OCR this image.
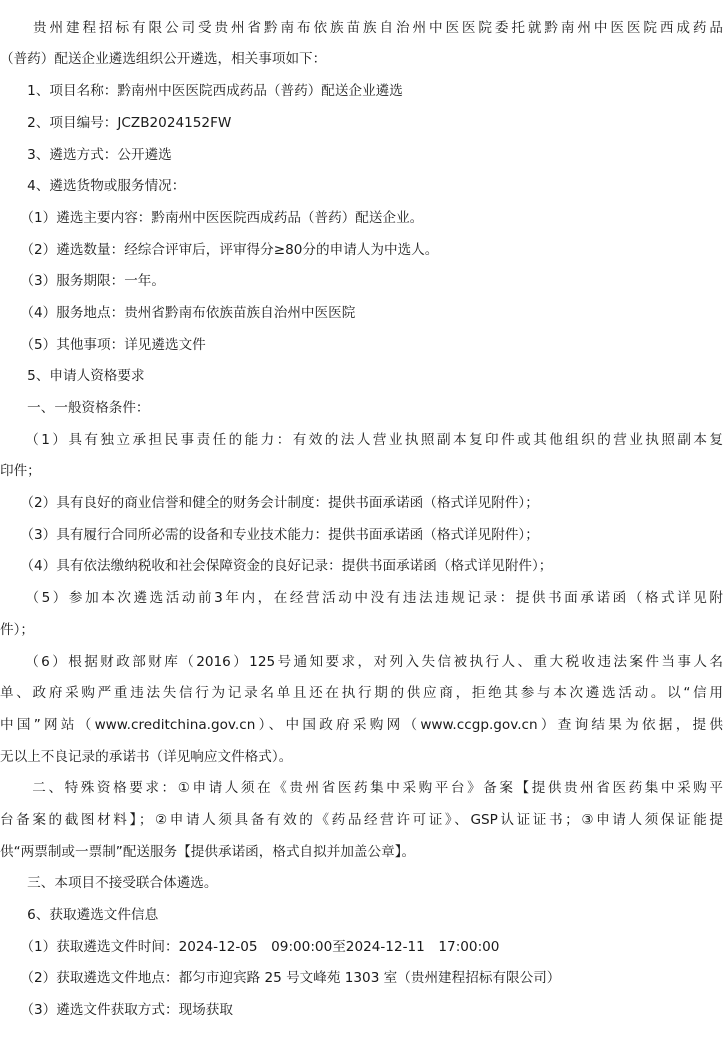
　　贵州建程招标有限公司受贵州省黔南布依族苗族自治州中医医院委托就黔南州中医医院西成药品
（普药）配送企业遴选组织公开遴选，相关事项如下：
　　1、项目名称：黔南州中医医院西成药品（普药）配送企业遴选
　　2、项目编号：JCZB2024152FW
　　3、遴选方式：公开遴选
　　4、遴选货物或服务情况：
　　（1）遴选主要内容：黔南州中医医院西成药品（普药）配送企业。
　　（2）遴选数量：经综合评审后，评审得分≥80分的申请人为中选人。
　　（3）服务期限：一年。
　　（4）服务地点：贵州省黔南布依族苗族自治州中医医院
　　（5）其他事项：详见遴选文件
　　5、申请人资格要求
　　一、一般资格条件：
　　（1）具有独立承担民事责任的能力：有效的法人营业执照副本复印件或其他组织的营业执照副本复
印件；
　　（2）具有良好的商业信誉和健全的财务会计制度：提供书面承诺函（格式详见附件）；
　　（3）具有履行合同所必需的设备和专业技术能力：提供书面承诺函（格式详见附件）；
　　（4）具有依法缴纳税收和社会保障资金的良好记录：提供书面承诺函（格式详见附件）；
　　（5）参加本次遴选活动前3年内，在经营活动中没有违法违规记录：提供书面承诺函（格式详见附
件）；
　　（6）根据财政部财库（2016）125号通知要求，对列入失信被执行人、重大税收违法案件当事人名
单、政府采购严重违法失信行为记录名单且还在执行期的供应商，拒绝其参与本次遴选活动。以“信用
中国”网站（www.creditchina.gov.cn）、中国政府采购网（www.ccgp.gov.cn）查询结果为依据，提供
无以上不良记录的承诺书（详见响应文件格式）。
　　二、特殊资格要求：①申请人须在《贵州省医药集中采购平台》备案【提供贵州省医药集中采购平
台备案的截图材料】；②申请人须具备有效的《药品经营许可证》、GSP认证证书；③申请人须保证能提
供“两票制或一票制”配送服务【提供承诺函，格式自拟并加盖公章】。
　　三、本项目不接受联合体遴选。
　　6、获取遴选文件信息
　　（1）获取遴选文件时间：2024-12-05　09:00:00至2024-12-11　17:00:00
　　（2）获取遴选文件地点：都匀市迎宾路 25 号文峰苑 1303 室（贵州建程招标有限公司）
　　（3）遴选文件获取方式：现场获取
